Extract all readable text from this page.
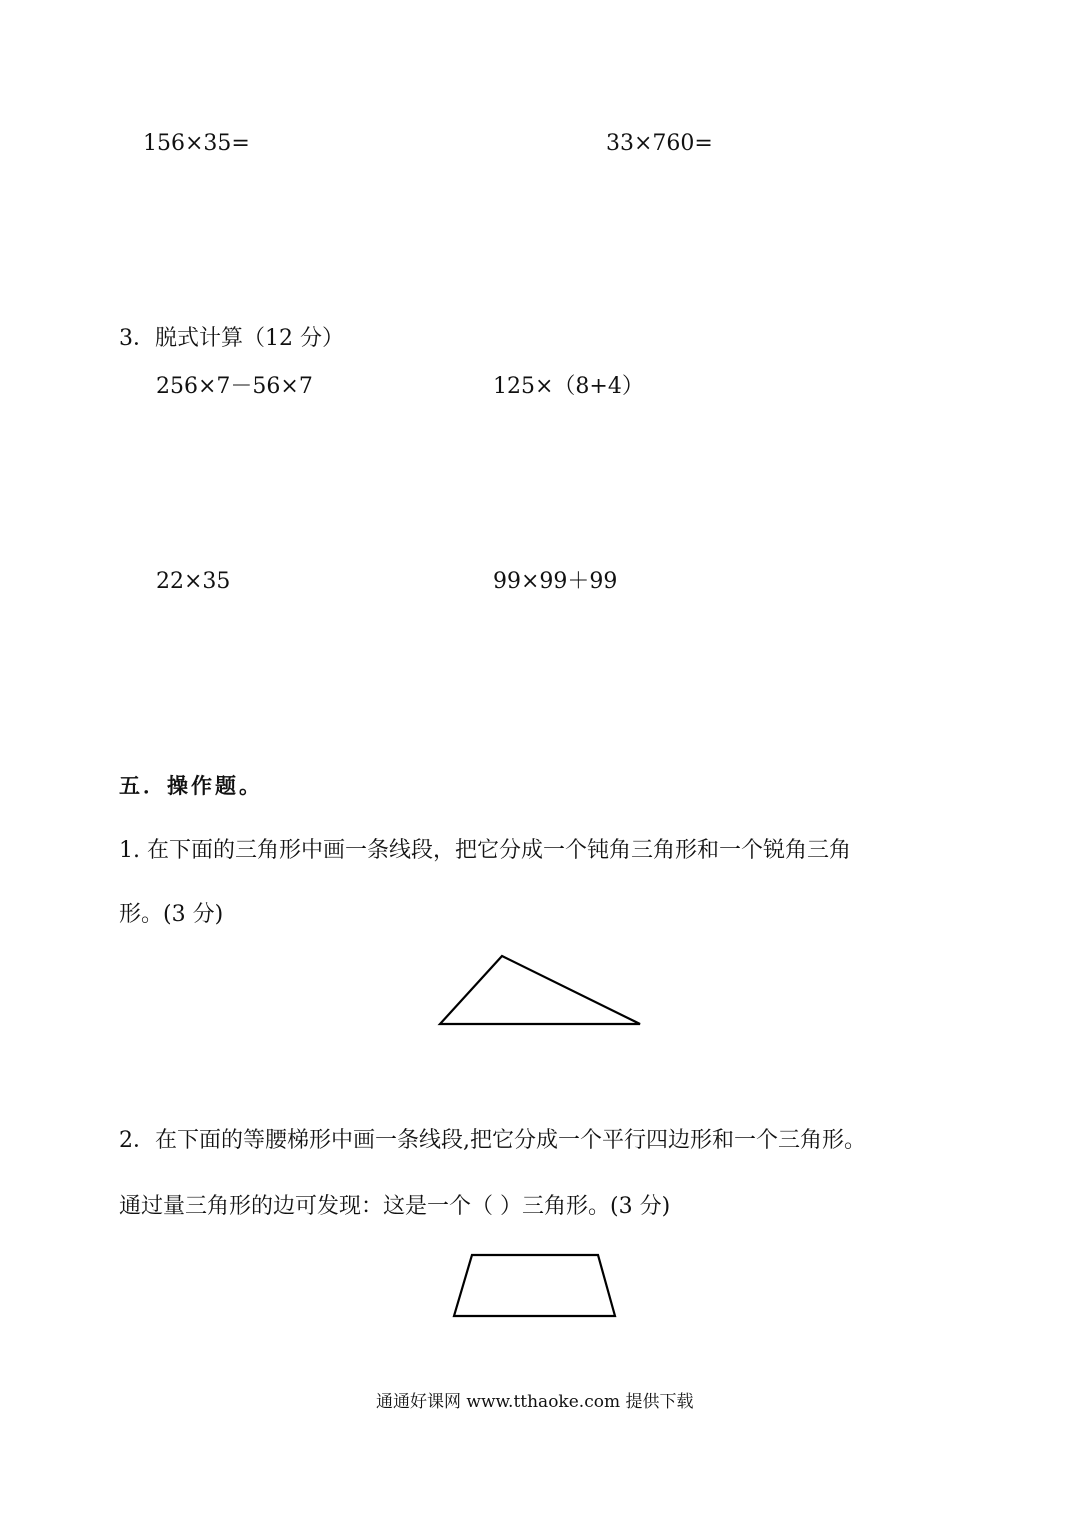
156×35=	33×760=
3．脱式计算（12 分）
256×7－56×7	125×（8+4）
22×35	99×99＋99
五．操作题。
1. 在下面的三角形中画一条线段，把它分成一个钝角三角形和一个锐角三角
形。(3 分)
2．在下面的等腰梯形中画一条线段,把它分成一个平行四边形和一个三角形。
通过量三角形的边可发现：这是一个（ ）三角形。(3 分)
通通好课网 www.tthaoke.com 提供下载
